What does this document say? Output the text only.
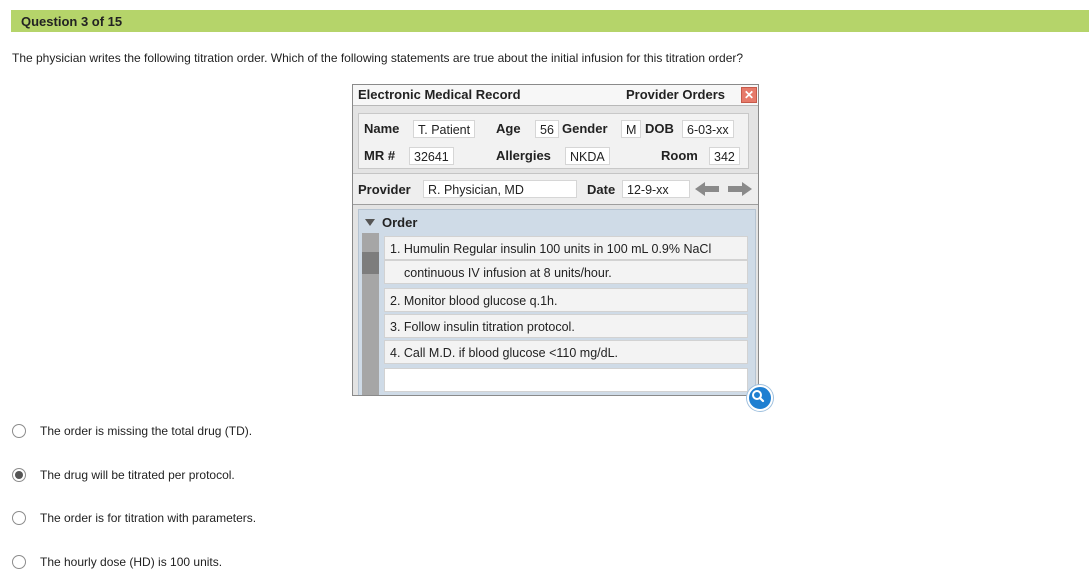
Question 3 of 15
The physician writes the following titration order. Which of the following statements are true about the initial infusion for this titration order?
Electronic Medical Record	Provider Orders ✕
Name	T. Patient	Age	56 Gender	M DOB	6-03-xx
MR #	32641	Allergies	NKDA	Room	342
Provider	R. Physician, MD	Date 12-9-xx
Order
1. Humulin Regular insulin 100 units in 100 mL 0.9% NaCl
continuous IV infusion at 8 units/hour.
2. Monitor blood glucose q.1h.
3. Follow insulin titration protocol.
4. Call M.D. if blood glucose <110 mg/dL.
The order is missing the total drug (TD).
The drug will be titrated per protocol.
The order is for titration with parameters.
The hourly dose (HD) is 100 units.
